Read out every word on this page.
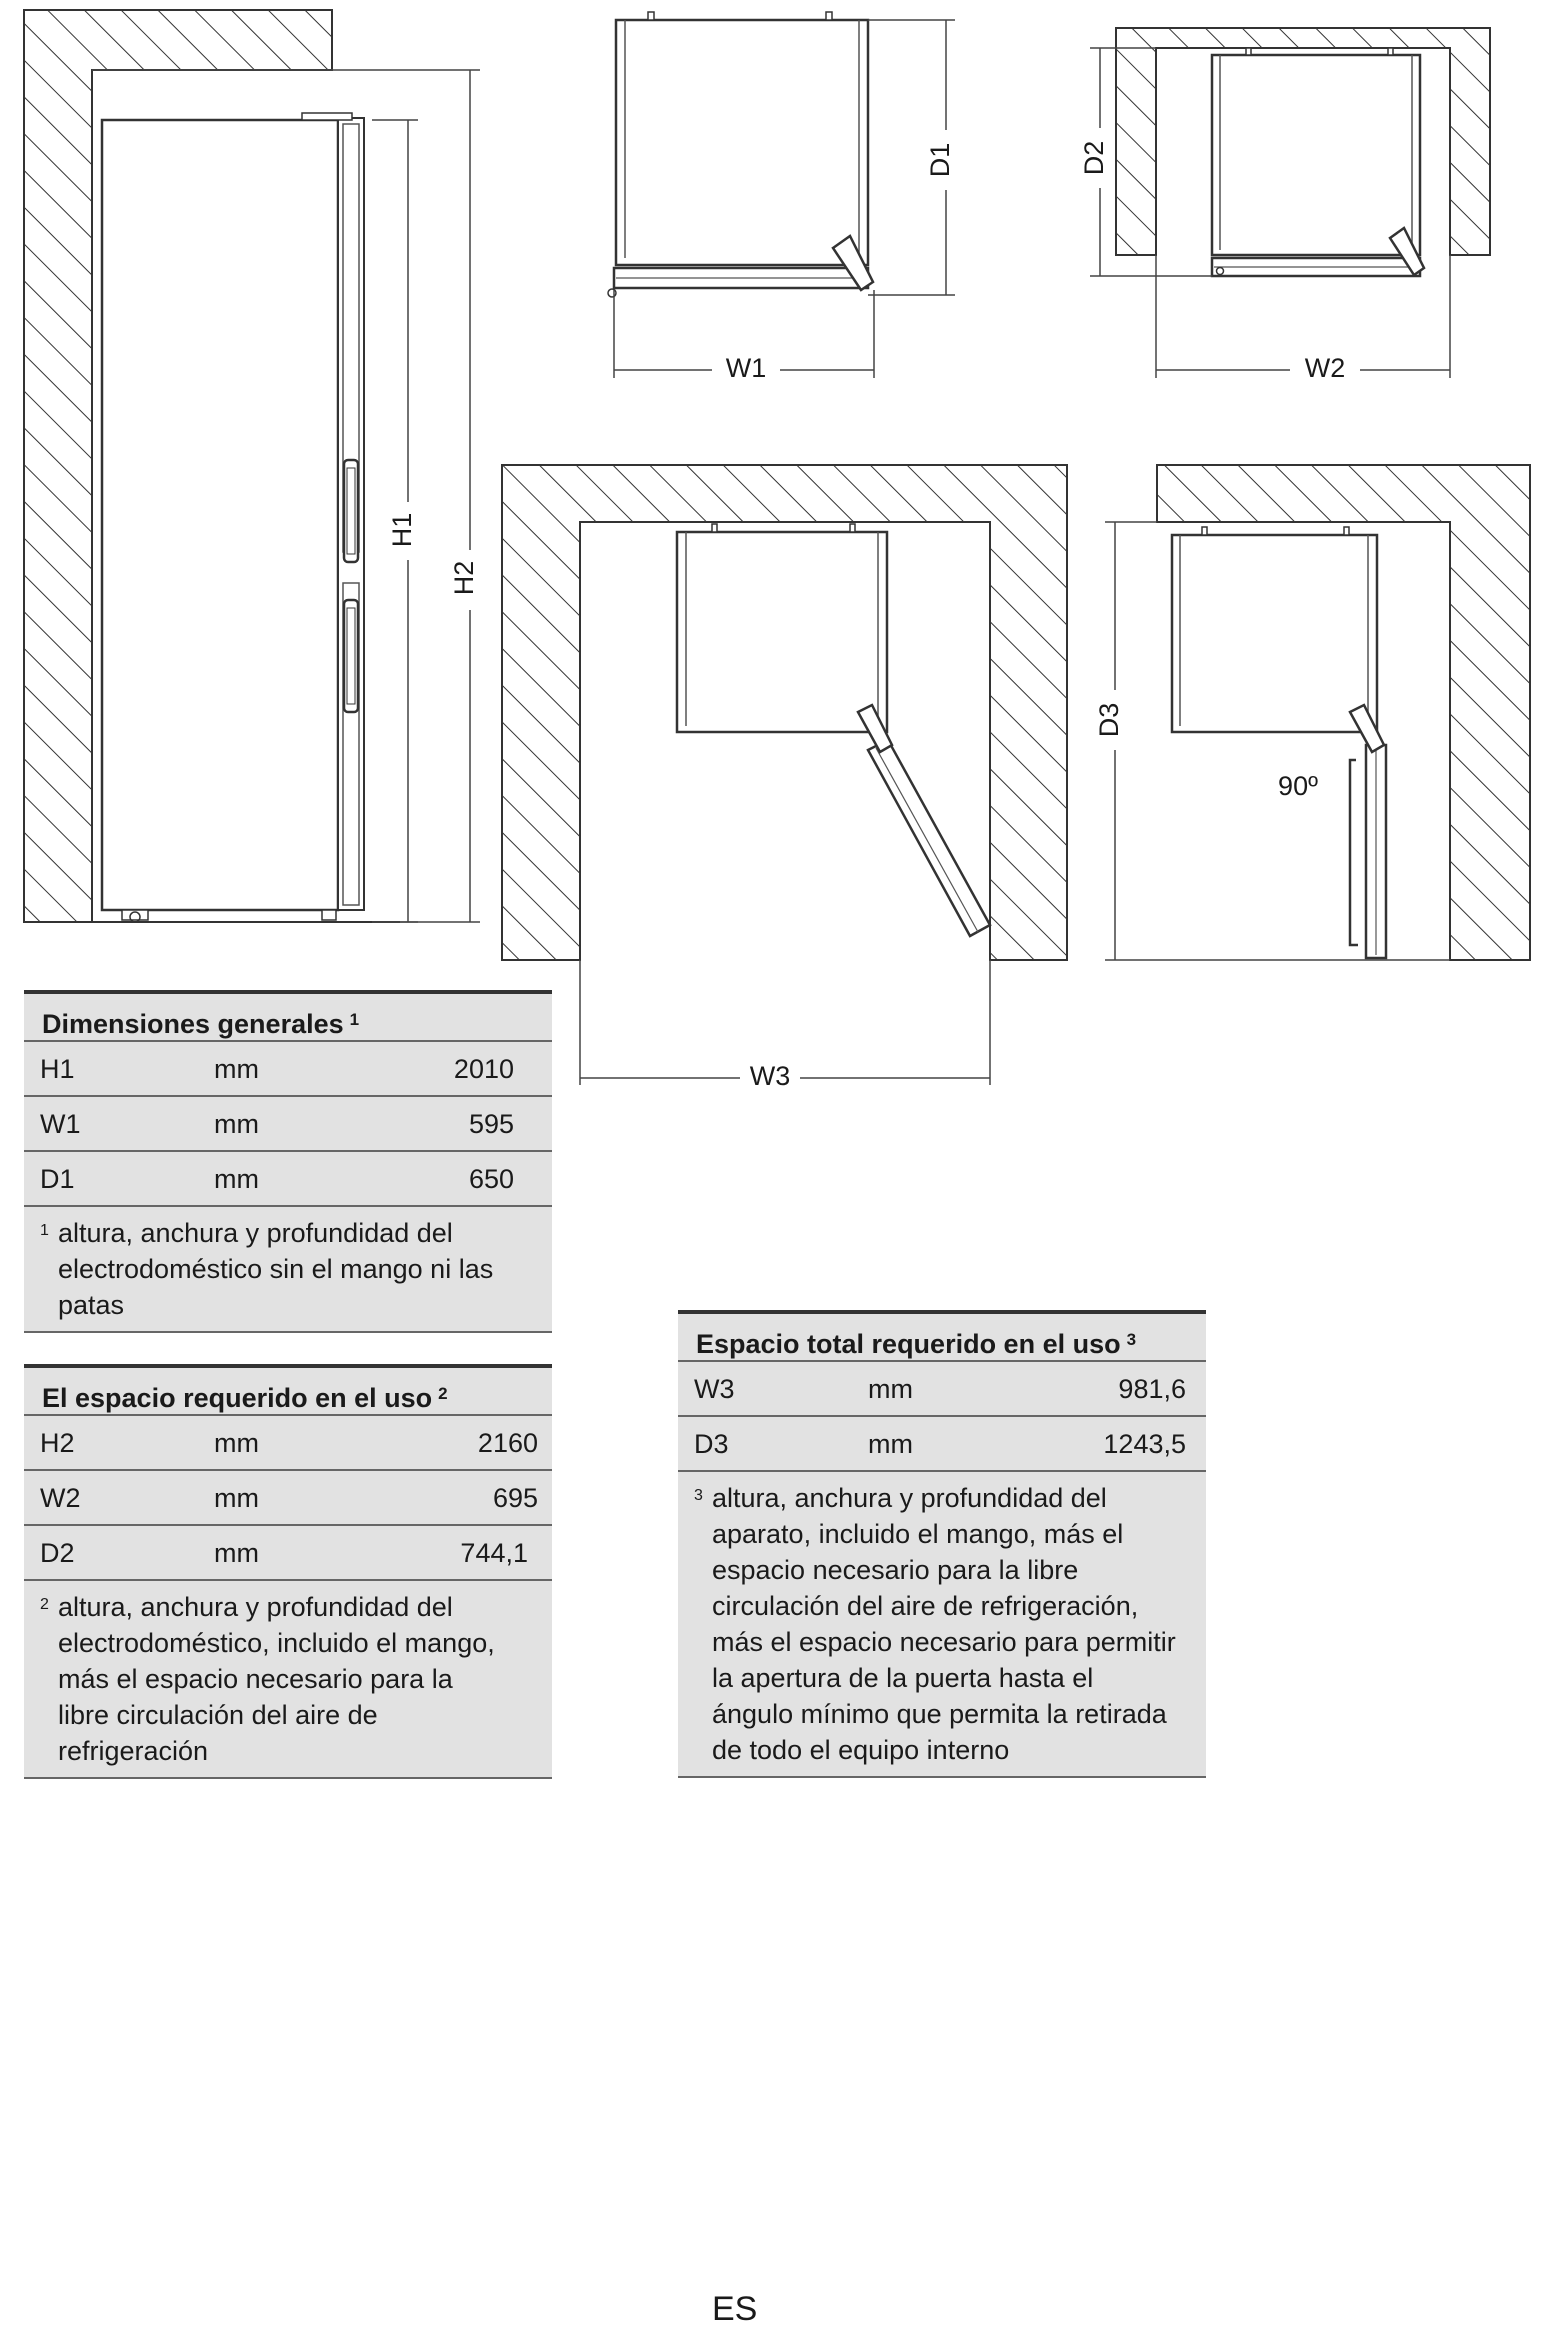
H1
H2
D1
W1
D2
W2
W3
90º
D3
Dimensiones generales $^1$
H1	mm	2010
W1	mm	595
D1	mm	650
1 altura, anchura y profundidad del electrodoméstico sin el mango ni las patas
El espacio requerido en el uso $^2$
H2	mm	2160
W2	mm	695
D2	mm	744,1
2 altura, anchura y profundidad del electrodoméstico, incluido el mango, más el espacio necesario para la libre circulación del aire de refrigeración
Espacio total requerido en el uso $^3$
W3	mm	981,6
D3	mm	1243,5
3 altura, anchura y profundidad del aparato, incluido el mango, más el espacio necesario para la libre circulación del aire de refrigeración, más el espacio necesario para permitir la apertura de la puerta hasta el ángulo mínimo que permita la retirada de todo el equipo interno
ES
